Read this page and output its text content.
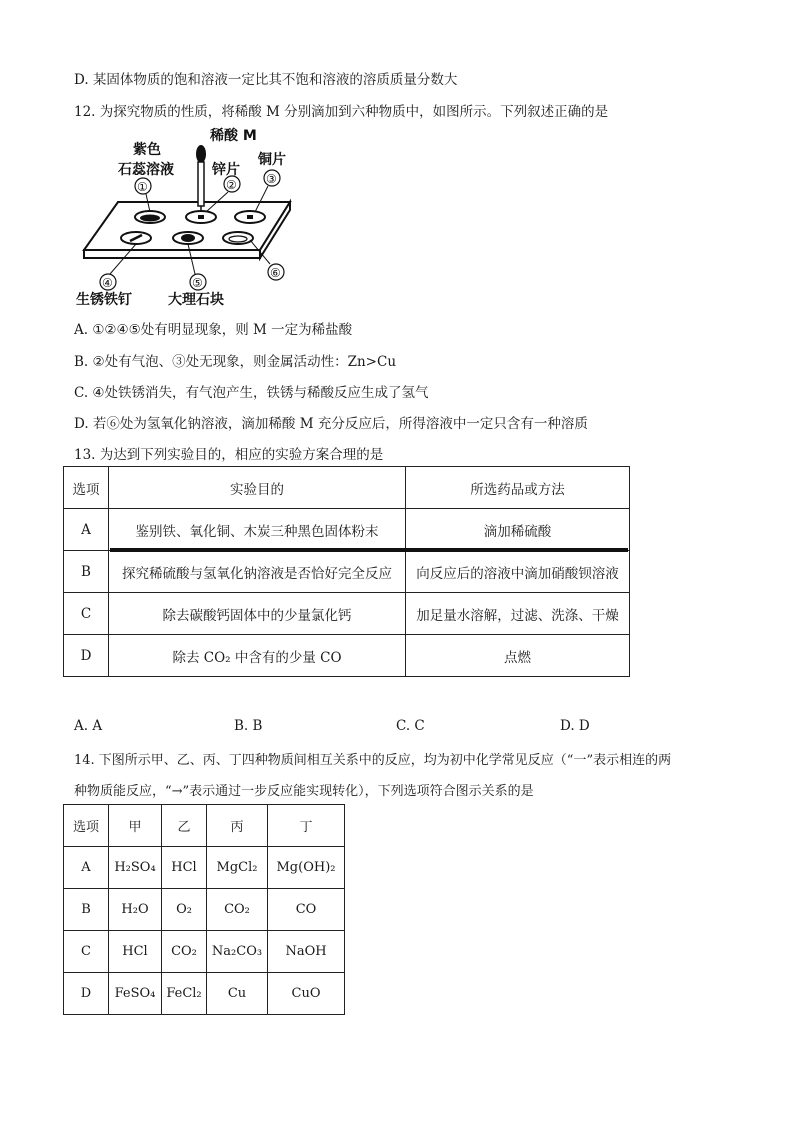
D. 某固体物质的饱和溶液一定比其不饱和溶液的溶质质量分数大
12. 为探究物质的性质，将稀酸 M 分别滴加到六种物质中，如图所示。下列叙述正确的是
稀酸 M
紫色
石蕊溶液	锌片
铜片
①	② ③
④	⑤
⑥
生锈铁钉	大理石块
A. ①②④⑤处有明显现象，则 M 一定为稀盐酸
B. ②处有气泡、③处无现象，则金属活动性：Zn>Cu
C. ④处铁锈消失，有气泡产生，铁锈与稀酸反应生成了氢气
D. 若⑥处为氢氧化钠溶液，滴加稀酸 M 充分反应后，所得溶液中一定只含有一种溶质
13. 为达到下列实验目的，相应的实验方案合理的是
选项	实验目的	所选药品或方法
A	鉴别铁、氧化铜、木炭三种黑色固体粉末	滴加稀硫酸
B	探究稀硫酸与氢氧化钠溶液是否恰好完全反应	向反应后的溶液中滴加硝酸钡溶液
C	除去碳酸钙固体中的少量氯化钙	加足量水溶解，过滤、洗涤、干燥
D	除去 CO₂ 中含有的少量 CO	点燃
A. A	B. B	C. C	D. D
14. 下图所示甲、乙、丙、丁四种物质间相互关系中的反应，均为初中化学常见反应（“一”表示相连的两
种物质能反应，“→”表示通过一步反应能实现转化），下列选项符合图示关系的是
选项	甲	乙	丙	丁
A	H₂SO₄	HCl	MgCl₂	Mg(OH)₂
B	H₂O	O₂	CO₂	CO
C	HCl	CO₂	Na₂CO₃	NaOH
D	FeSO₄	FeCl₂	Cu	CuO
